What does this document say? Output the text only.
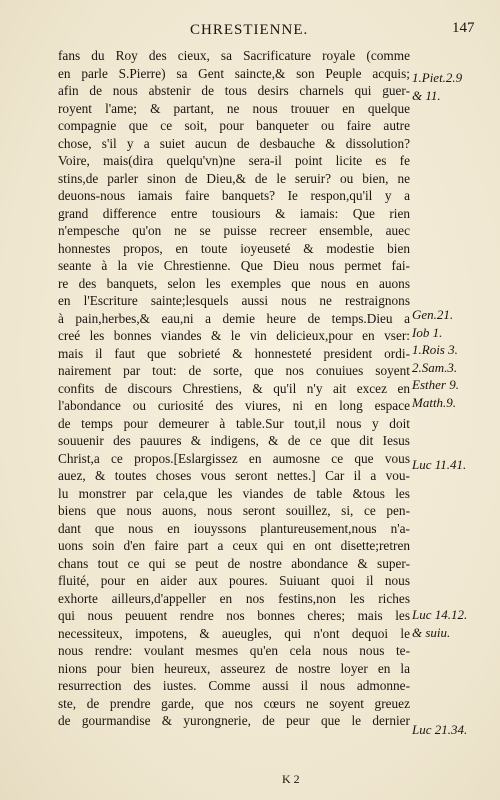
CHRESTIENNE.	147
fans du Roy des cieux, sa Sacrificature royale (comme
en parle S.Pierre) sa Gent saincte,& son Peuple acquis;
afin de nous abstenir de tous desirs charnels qui guer-
royent l'ame; & partant, ne nous trouuer en quelque
compagnie que ce soit, pour banqueter ou faire autre
chose, s'il y a suiet aucun de desbauche & dissolution?
Voire, mais(dira quelqu'vn)ne sera-il point licite es fe
stins,de parler sinon de Dieu,& de le seruir? ou bien, ne
deuons-nous iamais faire banquets? Ie respon,qu'il y a
grand difference entre tousiours & iamais: Que rien
n'empesche qu'on ne se puisse recreer ensemble, auec
honnestes propos, en toute ioyeuseté & modestie bien
seante à la vie Chrestienne. Que Dieu nous permet fai-
re des banquets, selon les exemples que nous en auons
en l'Escriture sainte;lesquels aussi nous ne restraignons
à pain,herbes,& eau,ni a demie heure de temps.Dieu a
creé les bonnes viandes & le vin delicieux,pour en vser:
mais il faut que sobrieté & honnesteté president ordi-
nairement par tout: de sorte, que nos conuiues soyent
confits de discours Chrestiens, & qu'il n'y ait excez en
l'abondance ou curiosité des viures, ni en long espace
de temps pour demeurer à table.Sur tout,il nous y doit
souuenir des pauures & indigens, & de ce que dit Iesus
Christ,a ce propos.[Eslargissez en aumosne ce que vous
auez, & toutes choses vous seront nettes.] Car il a vou-
lu monstrer par cela,que les viandes de table &tous les
biens que nous auons, nous seront souillez, si, ce pen-
dant que nous en iouyssons plantureusement,nous n'a-
uons soin d'en faire part a ceux qui en ont disette;retren
chans tout ce qui se peut de nostre abondance & super-
fluité, pour en aider aux poures. Suiuant quoi il nous
exhorte ailleurs,d'appeller en nos festins,non les riches
qui nous peuuent rendre nos bonnes cheres; mais les
necessiteux, impotens, & aueugles, qui n'ont dequoi le
nous rendre: voulant mesmes qu'en cela nous nous te-
nions pour bien heureux, asseurez de nostre loyer en la
resurrection des iustes. Comme aussi il nous admonne-
ste, de prendre garde, que nos cœurs ne soyent greuez
de gourmandise & yurongnerie, de peur que le dernier
1.Piet.2.9
& 11.
Gen.21.
Iob 1.
1.Rois 3.
2.Sam.3.
Esther 9.
Matth.9.
Luc 11.41.
Luc 14.12.
& suiu.
Luc 21.34.
K 2
